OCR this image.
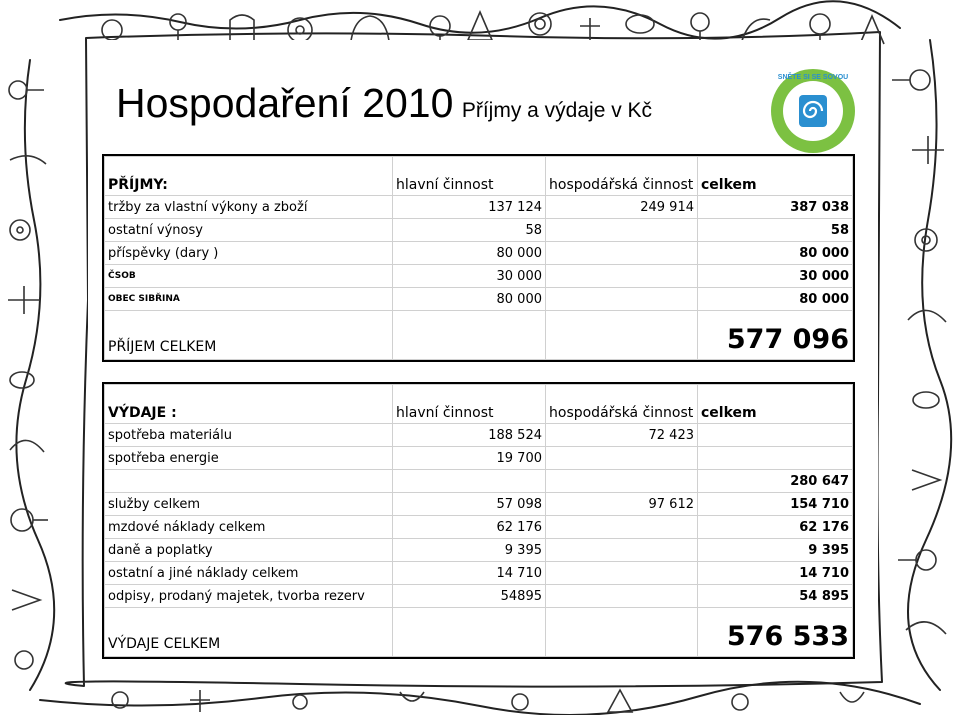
Hospodaření 2010 Příjmy a výdaje v Kč
SNĚTE SI SE SOVOU
PŘÍJMY:	hlavní činnost	hospodářská činnost	celkem
tržby za vlastní výkony a zboží	137 124	249 914	387 038
ostatní výnosy	58		58
příspěvky (dary )	80 000		80 000
ČSOB	30 000		30 000
OBEC SIBŘINA	80 000		80 000
PŘÍJEM CELKEM			577 096
VÝDAJE :	hlavní činnost	hospodářská činnost	celkem
spotřeba materiálu	188 524	72 423	
spotřeba energie	19 700		
			280 647
služby celkem	57 098	97 612	154 710
mzdové náklady celkem	62 176		62 176
daně a poplatky	9 395		9 395
ostatní a jiné náklady celkem	14 710		14 710
odpisy, prodaný majetek, tvorba rezerv	54895		54 895
VÝDAJE CELKEM			576 533
